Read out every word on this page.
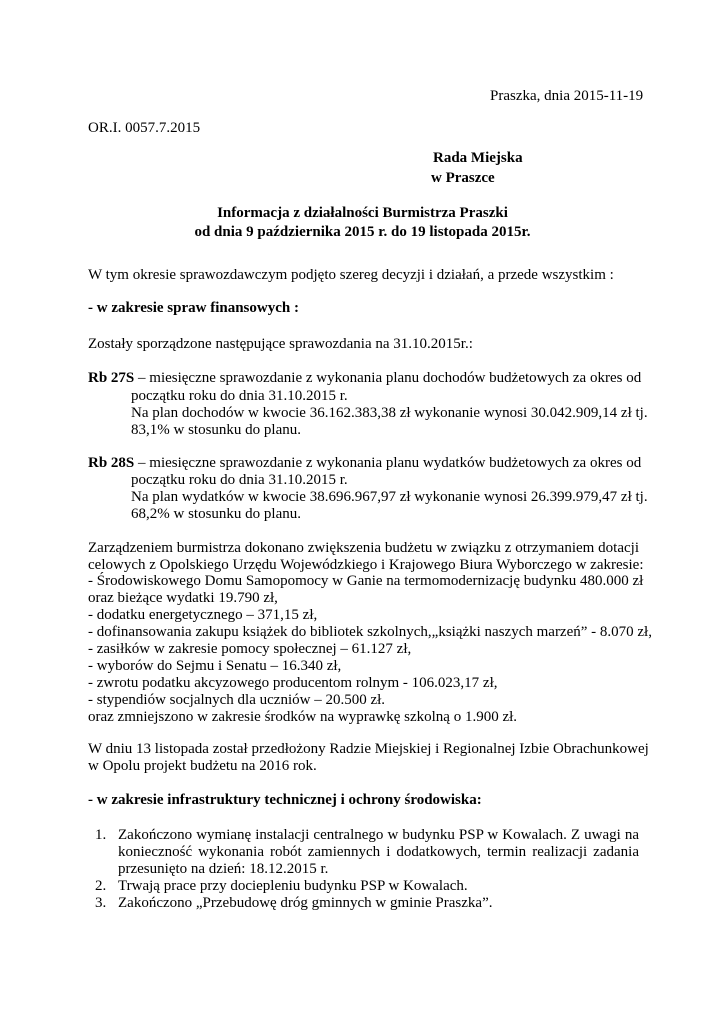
Praszka, dnia 2015-11-19
OR.I. 0057.7.2015
Rada Miejska
w Praszce
Informacja z działalności Burmistrza Praszki
od dnia 9 października 2015 r. do 19 listopada 2015r.
W tym okresie sprawozdawczym podjęto szereg decyzji i działań, a przede wszystkim :
- w zakresie spraw finansowych :
Zostały sporządzone następujące sprawozdania na 31.10.2015r.:
Rb 27S – miesięczne sprawozdanie z wykonania planu dochodów budżetowych za okres od
początku roku do dnia 31.10.2015 r.
Na plan dochodów w kwocie 36.162.383,38 zł wykonanie wynosi 30.042.909,14 zł tj.
83,1% w stosunku do planu.
Rb 28S – miesięczne sprawozdanie z wykonania planu wydatków budżetowych za okres od
początku roku do dnia 31.10.2015 r.
Na plan wydatków w kwocie 38.696.967,97 zł wykonanie wynosi 26.399.979,47 zł tj.
68,2% w stosunku do planu.
Zarządzeniem burmistrza dokonano zwiększenia budżetu w związku z otrzymaniem dotacji
celowych z Opolskiego Urzędu Wojewódzkiego i Krajowego Biura Wyborczego w zakresie:
- Środowiskowego Domu Samopomocy w Ganie na termomodernizację budynku 480.000 zł
oraz bieżące wydatki 19.790 zł,
- dodatku energetycznego – 371,15 zł,
- dofinansowania zakupu książek do bibliotek szkolnych,„książki naszych marzeń” - 8.070 zł,
- zasiłków w zakresie pomocy społecznej – 61.127 zł,
- wyborów do Sejmu i Senatu – 16.340 zł,
- zwrotu podatku akcyzowego producentom rolnym - 106.023,17 zł,
- stypendiów socjalnych dla uczniów – 20.500 zł.
oraz zmniejszono w zakresie środków na wyprawkę szkolną o 1.900 zł.
W dniu 13 listopada został przedłożony Radzie Miejskiej i Regionalnej Izbie Obrachunkowej
w Opolu projekt budżetu na 2016 rok.
- w zakresie infrastruktury technicznej i ochrony środowiska:
1. Zakończono wymianę instalacji centralnego w budynku PSP w Kowalach. Z uwagi na
konieczność wykonania robót zamiennych i dodatkowych, termin realizacji zadania
przesunięto na dzień: 18.12.2015 r.
2. Trwają prace przy dociepleniu budynku PSP w Kowalach.
3. Zakończono „Przebudowę dróg gminnych w gminie Praszka”.
